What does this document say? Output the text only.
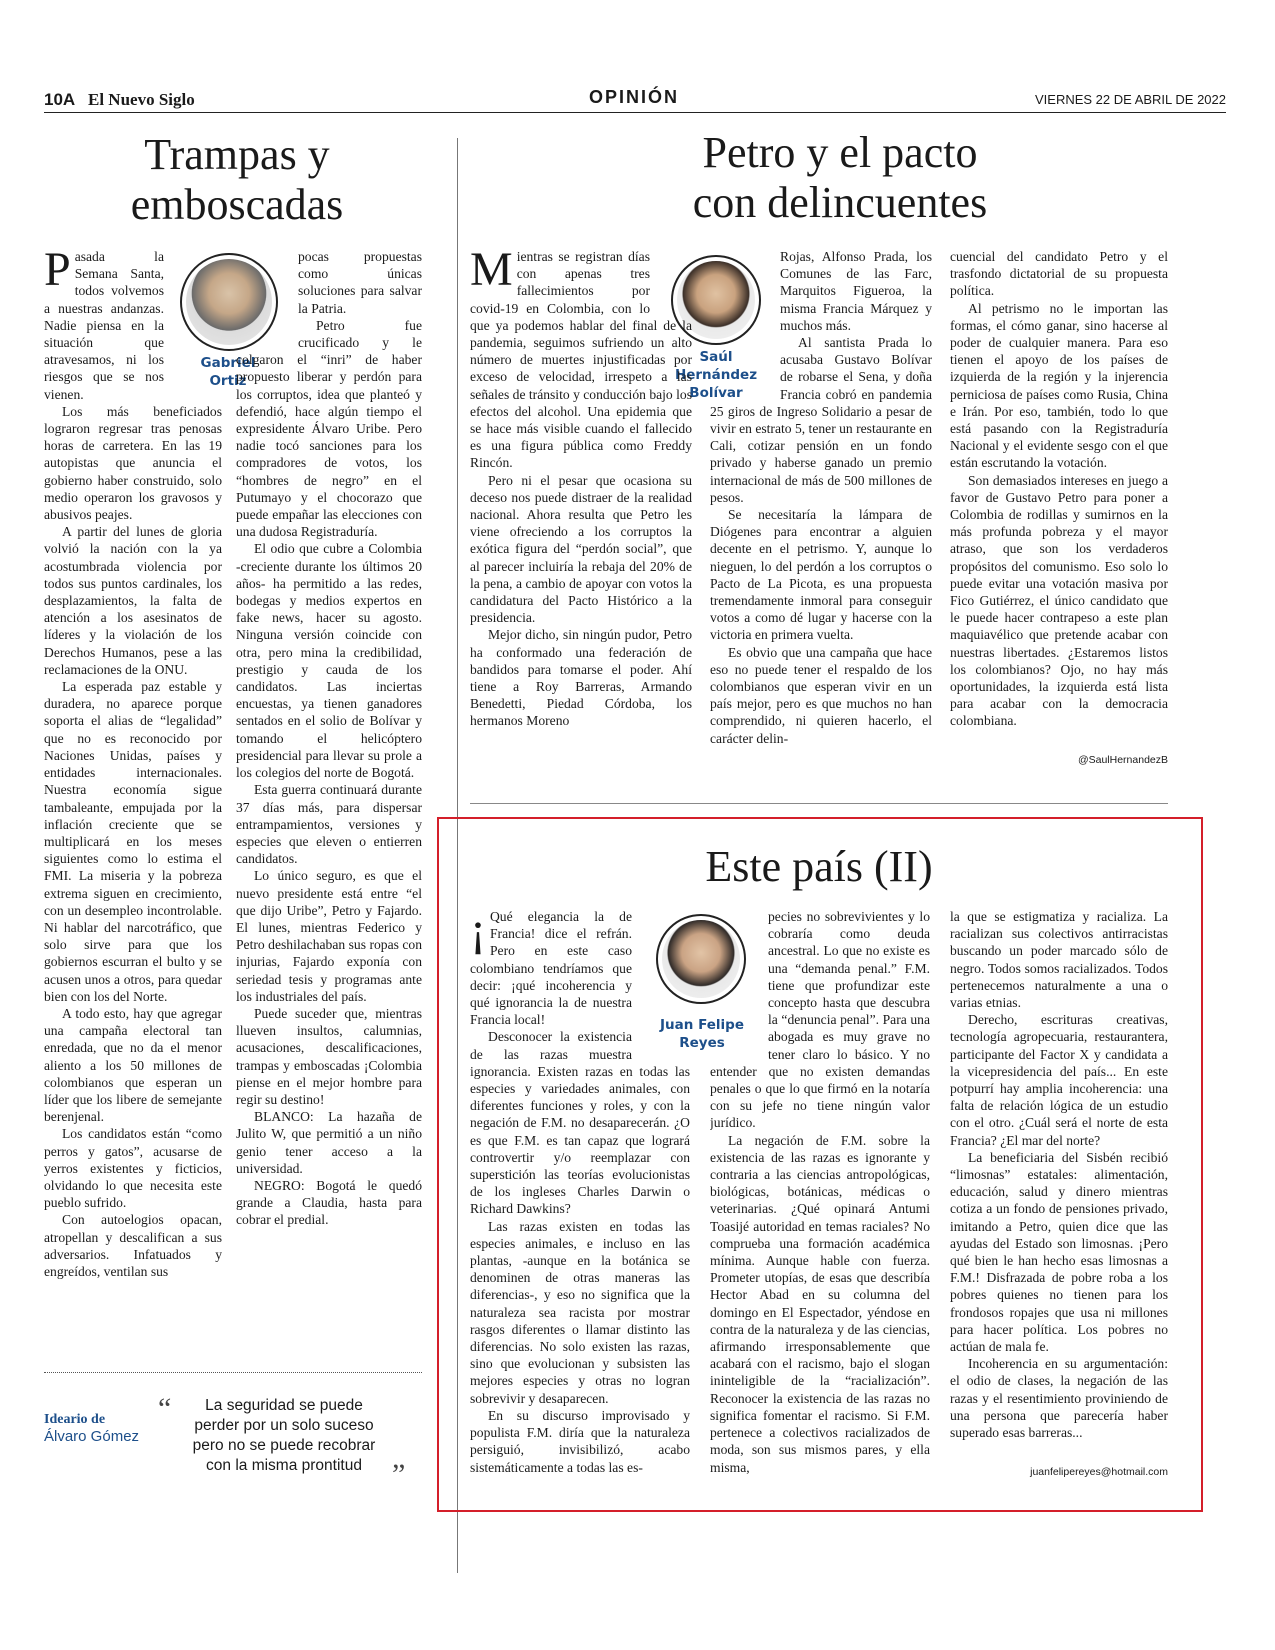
10A El Nuevo Siglo	OPINIÓN	VIERNES 22 DE ABRIL DE 2022
Trampas y
emboscadas
Gabriel
Ortiz

Pasada la Semana Santa, todos volvemos a nuestras andanzas. Nadie piensa en la situación que atravesamos, ni los riesgos que se nos vienen.

Los más beneficiados lograron regresar tras penosas horas de carretera. En las 19 autopistas que anuncia el gobierno haber construido, solo medio operaron los gravosos y abusivos peajes.

A partir del lunes de gloria volvió la nación con la ya acostumbrada violencia por todos sus puntos cardinales, los desplazamientos, la falta de atención a los asesinatos de líderes y la violación de los Derechos Humanos, pese a las reclamaciones de la ONU.

La esperada paz estable y duradera, no aparece porque soporta el alias de “legalidad” que no es reconocido por Naciones Unidas, países y entidades internacionales. Nuestra economía sigue tambaleante, empujada por la inflación creciente que se multiplicará en los meses siguientes como lo estima el FMI. La miseria y la pobreza extrema siguen en crecimiento, con un desempleo incontrolable. Ni hablar del narcotráfico, que solo sirve para que los gobiernos escurran el bulto y se acusen unos a otros, para quedar bien con los del Norte.

A todo esto, hay que agregar una campaña electoral tan enredada, que no da el menor aliento a los 50 millones de colombianos que esperan un líder que los libere de semejante berenjenal.

Los candidatos están “como perros y gatos”, acusarse de yerros existentes y ficticios, olvidando lo que necesita este pueblo sufrido.

Con autoelogios opacan, atropellan y descalifican a sus adversarios. Infatuados y engreídos, ventilan sus

pocas propuestas como únicas soluciones para salvar la Patria.

Petro fue crucificado y le colgaron el “inri” de haber propuesto liberar y perdón para los corruptos, idea que planteó y defendió, hace algún tiempo el expresidente Álvaro Uribe. Pero nadie tocó sanciones para los compradores de votos, los “hombres de negro” en el Putumayo y el chocorazo que puede empañar las elecciones con una dudosa Registraduría.

El odio que cubre a Colombia -creciente durante los últimos 20 años- ha permitido a las redes, bodegas y medios expertos en fake news, hacer su agosto. Ninguna versión coincide con otra, pero mina la credibilidad, prestigio y cauda de los candidatos. Las inciertas encuestas, ya tienen ganadores sentados en el solio de Bolívar y tomando el helicóptero presidencial para llevar su prole a los colegios del norte de Bogotá.

Esta guerra continuará durante 37 días más, para dispersar entrampamientos, versiones y especies que eleven o entierren candidatos.

Lo único seguro, es que el nuevo presidente está entre “el que dijo Uribe”, Petro y Fajardo. El lunes, mientras Federico y Petro deshilachaban sus ropas con injurias, Fajardo exponía con seriedad tesis y programas ante los industriales del país.

Puede suceder que, mientras llueven insultos, calumnias, acusaciones, descalificaciones, trampas y emboscadas ¡Colombia piense en el mejor hombre para regir su destino!

BLANCO: La hazaña de Julito W, que permitió a un niño genio tener acceso a la universidad.

NEGRO: Bogotá le quedó grande a Claudia, hasta para cobrar el predial.

Ideario de
Álvaro Gómez
“	La seguridad se puede perder por un solo suceso pero no se puede recobrar con la misma prontitud	”
Petro y el pacto
con delincuentes
Saúl
Hernández
Bolívar

Mientras se registran días con apenas tres fallecimientos por covid-19 en Colombia, con lo que ya podemos hablar del final de la pandemia, seguimos sufriendo un alto número de muertes injustificadas por exceso de velocidad, irrespeto a las señales de tránsito y conducción bajo los efectos del alcohol. Una epidemia que se hace más visible cuando el fallecido es una figura pública como Freddy Rincón.

Pero ni el pesar que ocasiona su deceso nos puede distraer de la realidad nacional. Ahora resulta que Petro les viene ofreciendo a los corruptos la exótica figura del “perdón social”, que al parecer incluiría la rebaja del 20% de la pena, a cambio de apoyar con votos la candidatura del Pacto Histórico a la presidencia.

Mejor dicho, sin ningún pudor, Petro ha conformado una federación de bandidos para tomarse el poder. Ahí tiene a Roy Barreras, Armando Benedetti, Piedad Córdoba, los hermanos Moreno

Rojas, Alfonso Prada, los Comunes de las Farc, Marquitos Figueroa, la misma Francia Márquez y muchos más.

Al santista Prada lo acusaba Gustavo Bolívar de robarse el Sena, y doña Francia cobró en pandemia 25 giros de Ingreso Solidario a pesar de vivir en estrato 5, tener un restaurante en Cali, cotizar pensión en un fondo privado y haberse ganado un premio internacional de más de 500 millones de pesos.

Se necesitaría la lámpara de Diógenes para encontrar a alguien decente en el petrismo. Y, aunque lo nieguen, lo del perdón a los corruptos o Pacto de La Picota, es una propuesta tremendamente inmoral para conseguir votos a como dé lugar y hacerse con la victoria en primera vuelta.

Es obvio que una campaña que hace eso no puede tener el respaldo de los colombianos que esperan vivir en un país mejor, pero es que muchos no han comprendido, ni quieren hacerlo, el carácter delin-

cuencial del candidato Petro y el trasfondo dictatorial de su propuesta política.

Al petrismo no le importan las formas, el cómo ganar, sino hacerse al poder de cualquier manera. Para eso tienen el apoyo de los países de izquierda de la región y la injerencia perniciosa de países como Rusia, China e Irán. Por eso, también, todo lo que está pasando con la Registraduría Nacional y el evidente sesgo con el que están escrutando la votación.

Son demasiados intereses en juego a favor de Gustavo Petro para poner a Colombia de rodillas y sumirnos en la más profunda pobreza y el mayor atraso, que son los verdaderos propósitos del comunismo. Eso solo lo puede evitar una votación masiva por Fico Gutiérrez, el único candidato que le puede hacer contrapeso a este plan maquiavélico que pretende acabar con nuestras libertades. ¿Estaremos listos los colombianos? Ojo, no hay más oportunidades, la izquierda está lista para acabar con la democracia colombiana.

@SaulHernandezB
Este país (II)
Juan Felipe
Reyes

¡ Qué elegancia la de Francia! dice el refrán. Pero en este caso colombiano tendríamos que decir: ¡qué incoherencia y qué ignorancia la de nuestra Francia local!

Desconocer la existencia de las razas muestra ignorancia. Existen razas en todas las especies y variedades animales, con diferentes funciones y roles, y con la negación de F.M. no desaparecerán. ¿O es que F.M. es tan capaz que logrará controvertir y/o reemplazar con superstición las teorías evolucionistas de los ingleses Charles Darwin o Richard Dawkins?

Las razas existen en todas las especies animales, e incluso en las plantas, -aunque en la botánica se denominen de otras maneras las diferencias-, y eso no significa que la naturaleza sea racista por mostrar rasgos diferentes o llamar distinto las diferencias. No solo existen las razas, sino que evolucionan y subsisten las mejores especies y otras no logran sobrevivir y desaparecen.

En su discurso improvisado y populista F.M. diría que la naturaleza persiguió, invisibilizó, acabo sistemáticamente a todas las es-

pecies no sobrevivientes y lo cobraría como deuda ancestral. Lo que no existe es una “demanda penal.” F.M. tiene que profundizar este concepto hasta que descubra la “denuncia penal”. Para una abogada es muy grave no tener claro lo básico. Y no entender que no existen demandas penales o que lo que firmó en la notaría con su jefe no tiene ningún valor jurídico.

La negación de F.M. sobre la existencia de las razas es ignorante y contraria a las ciencias antropológicas, biológicas, botánicas, médicas o veterinarias. ¿Qué opinará Antumi Toasijé autoridad en temas raciales? No comprueba una formación académica mínima. Aunque hable con fuerza. Prometer utopías, de esas que describía Hector Abad en su columna del domingo en El Espectador, yéndose en contra de la naturaleza y de las ciencias, afirmando irresponsablemente que acabará con el racismo, bajo el slogan ininteligible de la “racialización”. Reconocer la existencia de las razas no significa fomentar el racismo. Si F.M. pertenece a colectivos racializados de moda, son sus mismos pares, y ella misma,

la que se estigmatiza y racializa. La racializan sus colectivos antirracistas buscando un poder marcado sólo de negro. Todos somos racializados. Todos pertenecemos naturalmente a una o varias etnias.

Derecho, escrituras creativas, tecnología agropecuaria, restaurantera, participante del Factor X y candidata a la vicepresidencia del país... En este potpurrí hay amplia incoherencia: una falta de relación lógica de un estudio con el otro. ¿Cuál será el norte de esta Francia? ¿El mar del norte?

La beneficiaria del Sisbén recibió “limosnas” estatales: alimentación, educación, salud y dinero mientras cotiza a un fondo de pensiones privado, imitando a Petro, quien dice que las ayudas del Estado son limosnas. ¡Pero qué bien le han hecho esas limosnas a F.M.! Disfrazada de pobre roba a los pobres quienes no tienen para los frondosos ropajes que usa ni millones para hacer política. Los pobres no actúan de mala fe.

Incoherencia en su argumentación: el odio de clases, la negación de las razas y el resentimiento proviniendo de una persona que parecería haber superado esas barreras...

juanfelipereyes@hotmail.com
